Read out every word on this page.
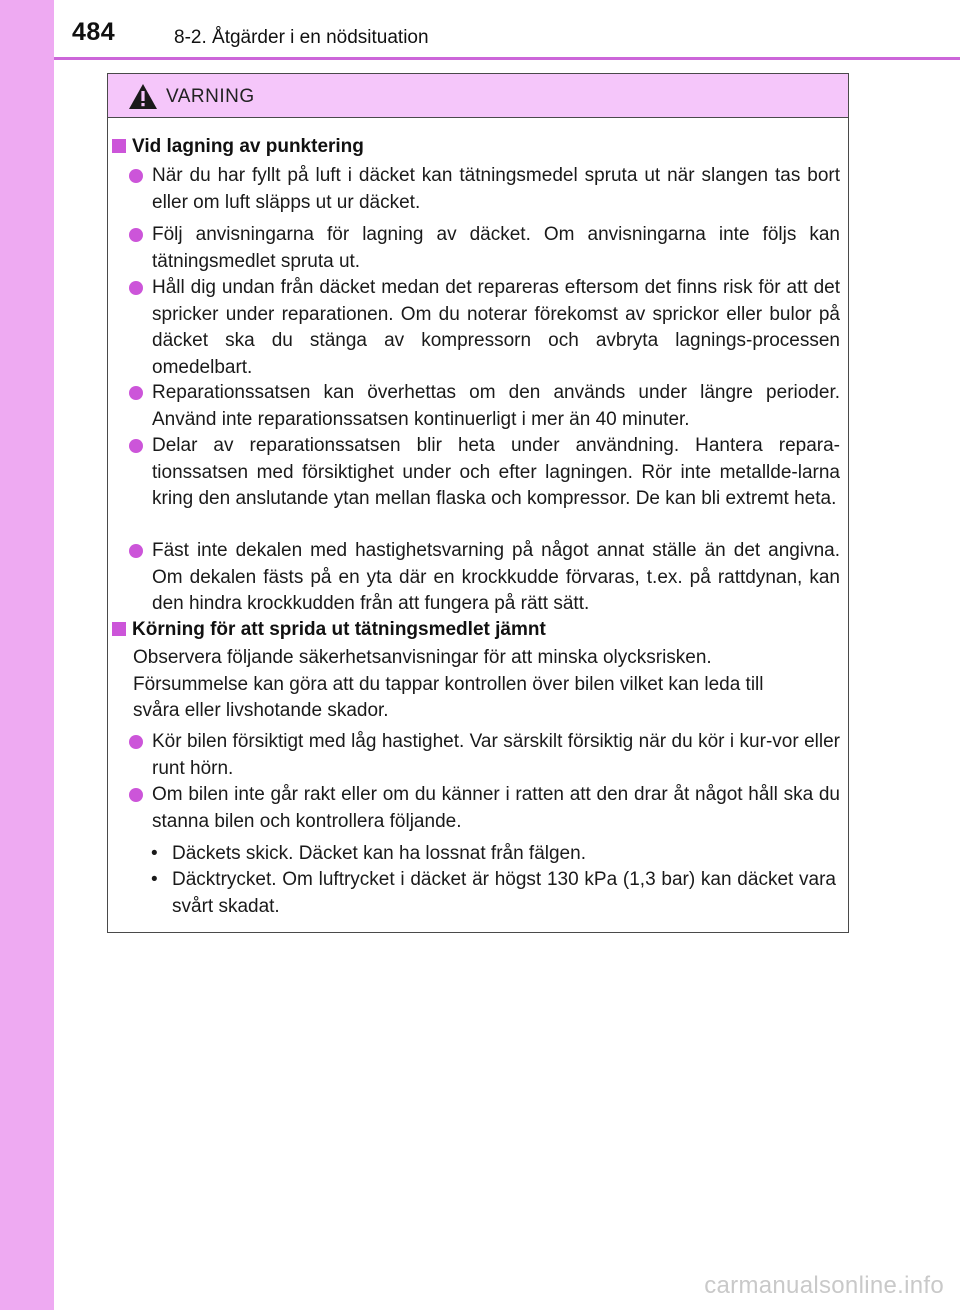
484	8-2. Åtgärder i en nödsituation
VARNING
Vid lagning av punktering
När du har fyllt på luft i däcket kan tätningsmedel spruta ut när slangen tas bort eller om luft släpps ut ur däcket.
Följ anvisningarna för lagning av däcket. Om anvisningarna inte följs kan tätningsmedlet spruta ut.
Håll dig undan från däcket medan det repareras eftersom det finns risk för att det spricker under reparationen. Om du noterar förekomst av sprickor eller bulor på däcket ska du stänga av kompressorn och avbryta lagnings-processen omedelbart.
Reparationssatsen kan överhettas om den används under längre perioder. Använd inte reparationssatsen kontinuerligt i mer än 40 minuter.
Delar av reparationssatsen blir heta under användning. Hantera repara-tionssatsen med försiktighet under och efter lagningen. Rör inte metallde-larna kring den anslutande ytan mellan flaska och kompressor. De kan bli extremt heta.
Fäst inte dekalen med hastighetsvarning på något annat ställe än det angivna. Om dekalen fästs på en yta där en krockkudde förvaras, t.ex. på rattdynan, kan den hindra krockkudden från att fungera på rätt sätt.
Körning för att sprida ut tätningsmedlet jämnt

Observera följande säkerhetsanvisningar för att minska olycksrisken.

Försummelse kan göra att du tappar kontrollen över bilen vilket kan leda till

svåra eller livshotande skador.

Kör bilen försiktigt med låg hastighet. Var särskilt försiktig när du kör i kur-vor eller runt hörn.
Om bilen inte går rakt eller om du känner i ratten att den drar åt något håll ska du stanna bilen och kontrollera följande.
• Däckets skick. Däcket kan ha lossnat från fälgen.
• Däcktrycket. Om luftrycket i däcket är högst 130 kPa (1,3 bar) kan däcket vara svårt skadat.
carmanualsonline.info
